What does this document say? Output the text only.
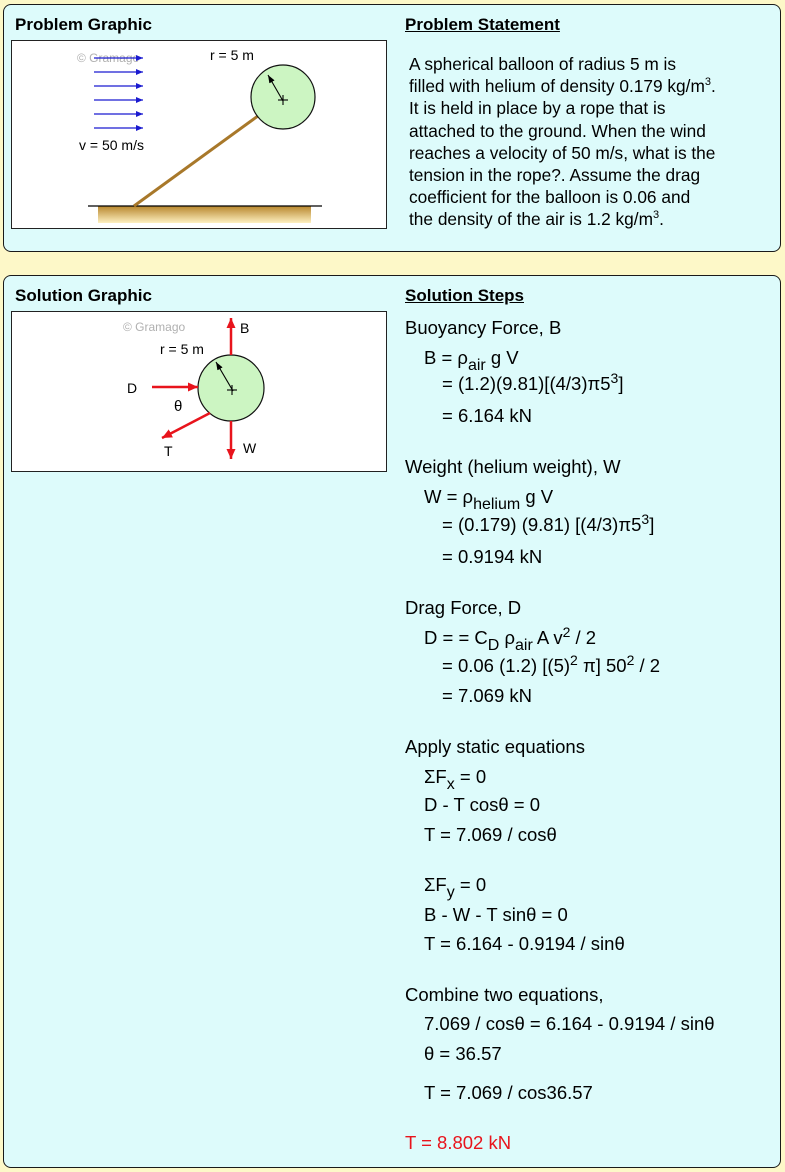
Problem Graphic	Problem Statement
© Gramago
v = 50 m/s
r = 5 m	A spherical balloon of radius 5 m is
filled with helium of density 0.179 $kg/m^3$.
It is held in place by a rope that is
attached to the ground. When the wind
reaches a velocity of 50 m/s, what is the
tension in the rope?. Assume the drag
coefficient for the balloon is 0.06 and
the density of the air is 1.2 $kg/m^3$.
Solution Graphic	Solution Steps
© Gramago
r = 5 m
B
D
T
θ
W
Buoyancy Force, B
B = ρair g V
= $(1.2)(9.81)[(4/3)\pi 5^3]$
= 6.164 kN
Weight (helium weight), W
W = ρhelium g V
= (0.179) (9.81) $[(4/3)\pi 5^3]$
= 0.9194 kN
Drag Force, D
D = = CD ρair A $v^2 / 2$
= 0.06 (1.2) [$(5)^2$ π] $50^2 / 2$
= 7.069 kN
Apply static equations
ΣFx = 0
D - T cosθ = 0
T = 7.069 / cosθ
ΣFy = 0
B - W - T sinθ = 0
T = 6.164 - 0.9194 / sinθ
Combine two equations,
7.069 / cosθ = 6.164 - 0.9194 / sinθ
θ = 36.57
T = 7.069 / cos36.57
T = 8.802 kN
